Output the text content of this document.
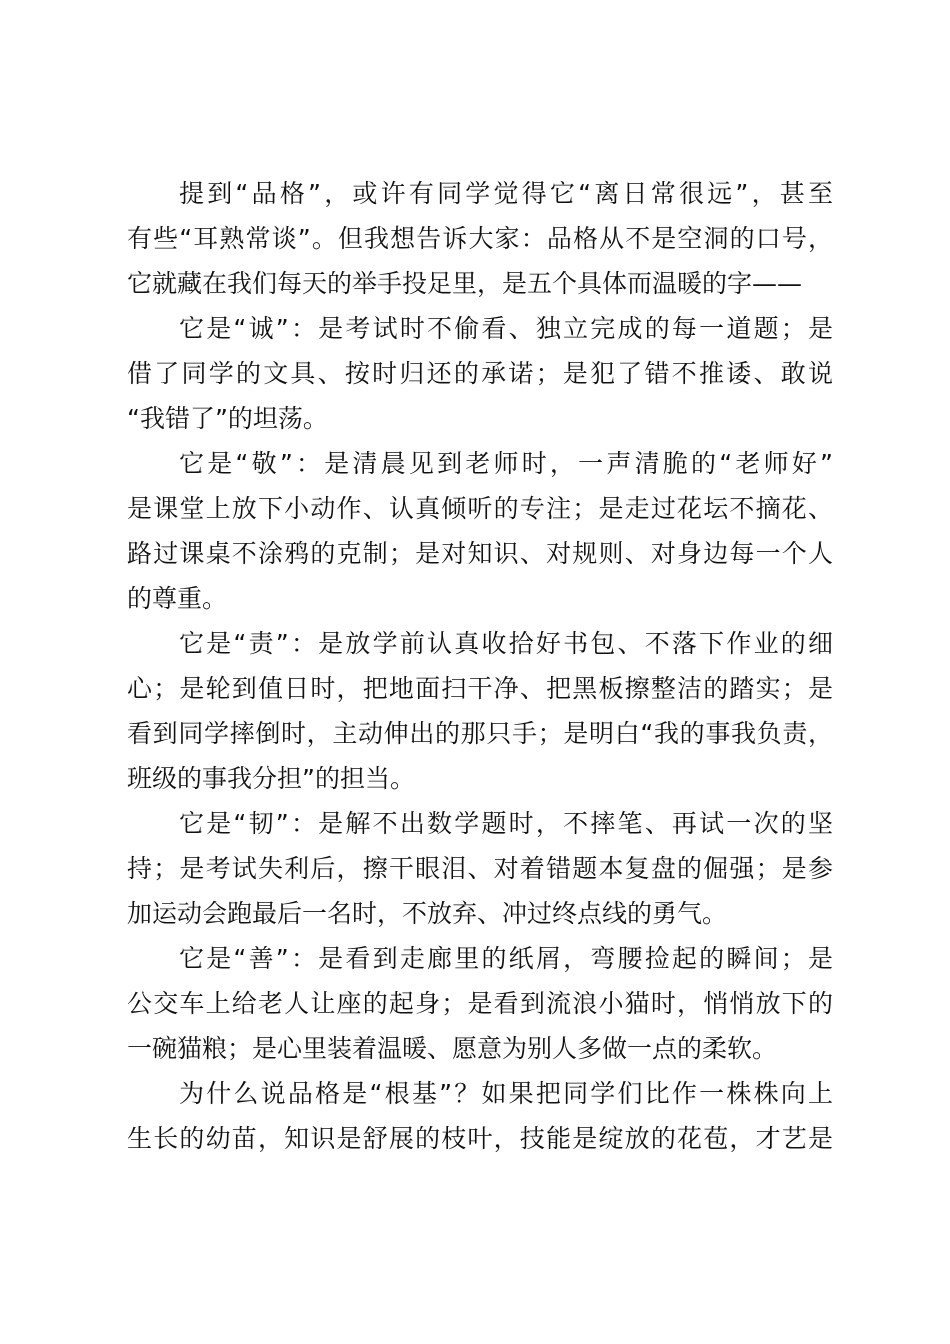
提到“品格”，或许有同学觉得它“离日常很远”，甚至
有些“耳熟常谈”。但我想告诉大家：品格从不是空洞的口号，
它就藏在我们每天的举手投足里，是五个具体而温暖的字——
它是“诚”：是考试时不偷看、独立完成的每一道题；是
借了同学的文具、按时归还的承诺；是犯了错不推诿、敢说
“我错了”的坦荡。
它是“敬”：是清晨见到老师时，一声清脆的“老师好”
是课堂上放下小动作、认真倾听的专注；是走过花坛不摘花、
路过课桌不涂鸦的克制；是对知识、对规则、对身边每一个人
的尊重。
它是“责”：是放学前认真收拾好书包、不落下作业的细
心；是轮到值日时，把地面扫干净、把黑板擦整洁的踏实；是
看到同学摔倒时，主动伸出的那只手；是明白“我的事我负责，
班级的事我分担”的担当。
它是“韧”：是解不出数学题时，不摔笔、再试一次的坚
持；是考试失利后，擦干眼泪、对着错题本复盘的倔强；是参
加运动会跑最后一名时，不放弃、冲过终点线的勇气。
它是“善”：是看到走廊里的纸屑，弯腰捡起的瞬间；是
公交车上给老人让座的起身；是看到流浪小猫时，悄悄放下的
一碗猫粮；是心里装着温暖、愿意为别人多做一点的柔软。
为什么说品格是“根基”？如果把同学们比作一株株向上
生长的幼苗，知识是舒展的枝叶，技能是绽放的花苞，才艺是
